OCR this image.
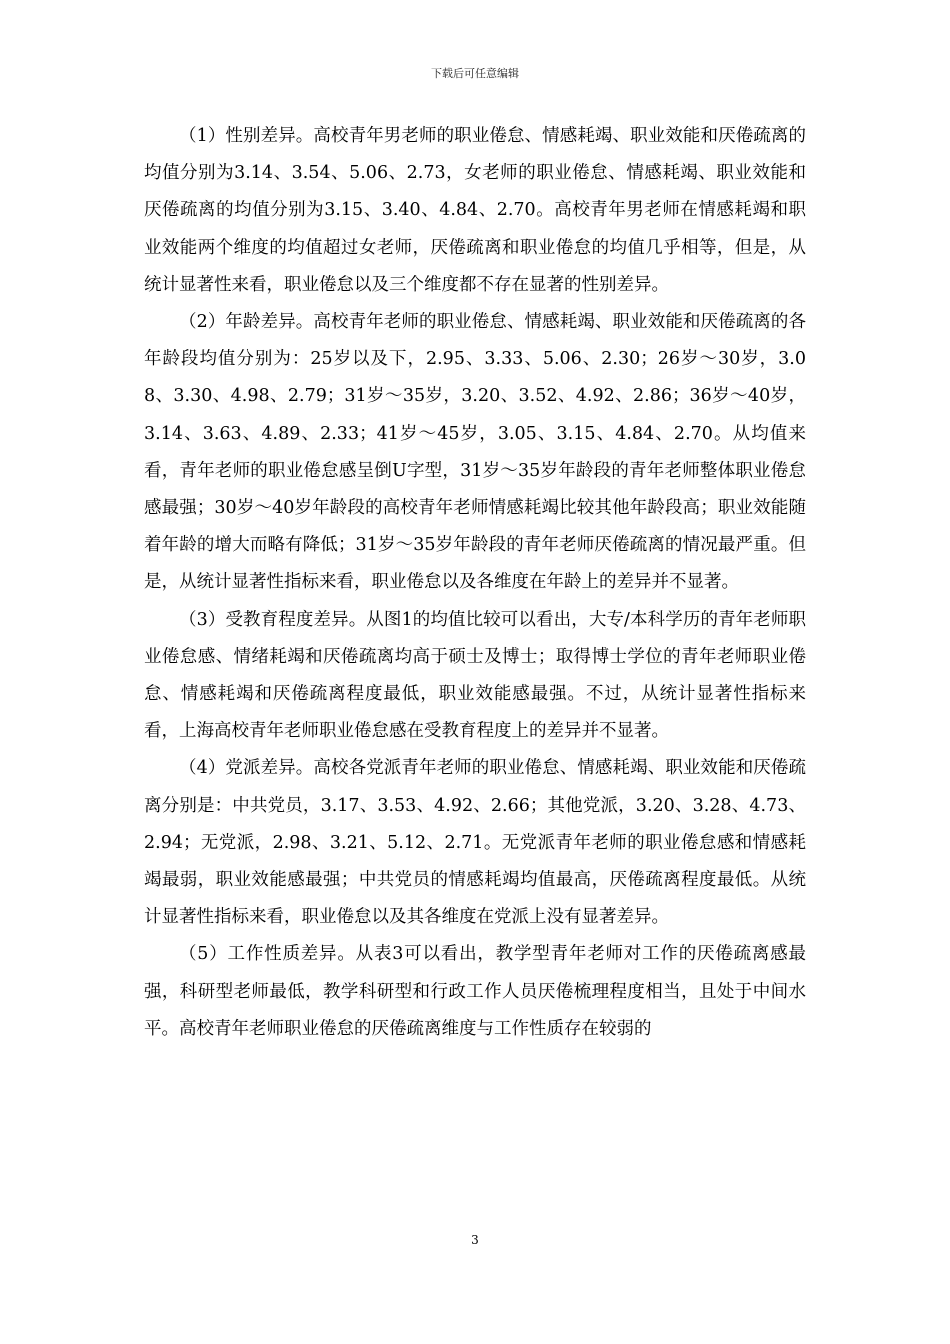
下载后可任意编辑

（1）性别差异。高校青年男老师的职业倦怠、情感耗竭、职业效能和厌倦疏离的均值分别为3.14、3.54、5.06、2.73，女老师的职业倦怠、情感耗竭、职业效能和厌倦疏离的均值分别为3.15、3.40、4.84、2.70。高校青年男老师在情感耗竭和职业效能两个维度的均值超过女老师，厌倦疏离和职业倦怠的均值几乎相等，但是，从统计显著性来看，职业倦怠以及三个维度都不存在显著的性别差异。

（2）年龄差异。高校青年老师的职业倦怠、情感耗竭、职业效能和厌倦疏离的各年龄段均值分别为：25岁以及下，2.95、3.33、5.06、2.30；26岁～30岁，3.08、3.30、4.98、2.79；31岁～35岁，3.20、3.52、4.92、2.86；36岁～40岁，3.14、3.63、4.89、2.33；41岁～45岁，3.05、3.15、4.84、2.70。从均值来看，青年老师的职业倦怠感呈倒U字型，31岁～35岁年龄段的青年老师整体职业倦怠感最强；30岁～40岁年龄段的高校青年老师情感耗竭比较其他年龄段高；职业效能随着年龄的增大而略有降低；31岁～35岁年龄段的青年老师厌倦疏离的情况最严重。但是，从统计显著性指标来看，职业倦怠以及各维度在年龄上的差异并不显著。

（3）受教育程度差异。从图1的均值比较可以看出，大专/本科学历的青年老师职业倦怠感、情绪耗竭和厌倦疏离均高于硕士及博士；取得博士学位的青年老师职业倦怠、情感耗竭和厌倦疏离程度最低，职业效能感最强。不过，从统计显著性指标来看，上海高校青年老师职业倦怠感在受教育程度上的差异并不显著。

（4）党派差异。高校各党派青年老师的职业倦怠、情感耗竭、职业效能和厌倦疏离分别是：中共党员，3.17、3.53、4.92、2.66；其他党派，3.20、3.28、4.73、2.94；无党派，2.98、3.21、5.12、2.71。无党派青年老师的职业倦怠感和情感耗竭最弱，职业效能感最强；中共党员的情感耗竭均值最高，厌倦疏离程度最低。从统计显著性指标来看，职业倦怠以及其各维度在党派上没有显著差异。

（5）工作性质差异。从表3可以看出，教学型青年老师对工作的厌倦疏离感最强，科研型老师最低，教学科研型和行政工作人员厌倦梳理程度相当，且处于中间水平。高校青年老师职业倦怠的厌倦疏离维度与工作性质存在较弱的

3
